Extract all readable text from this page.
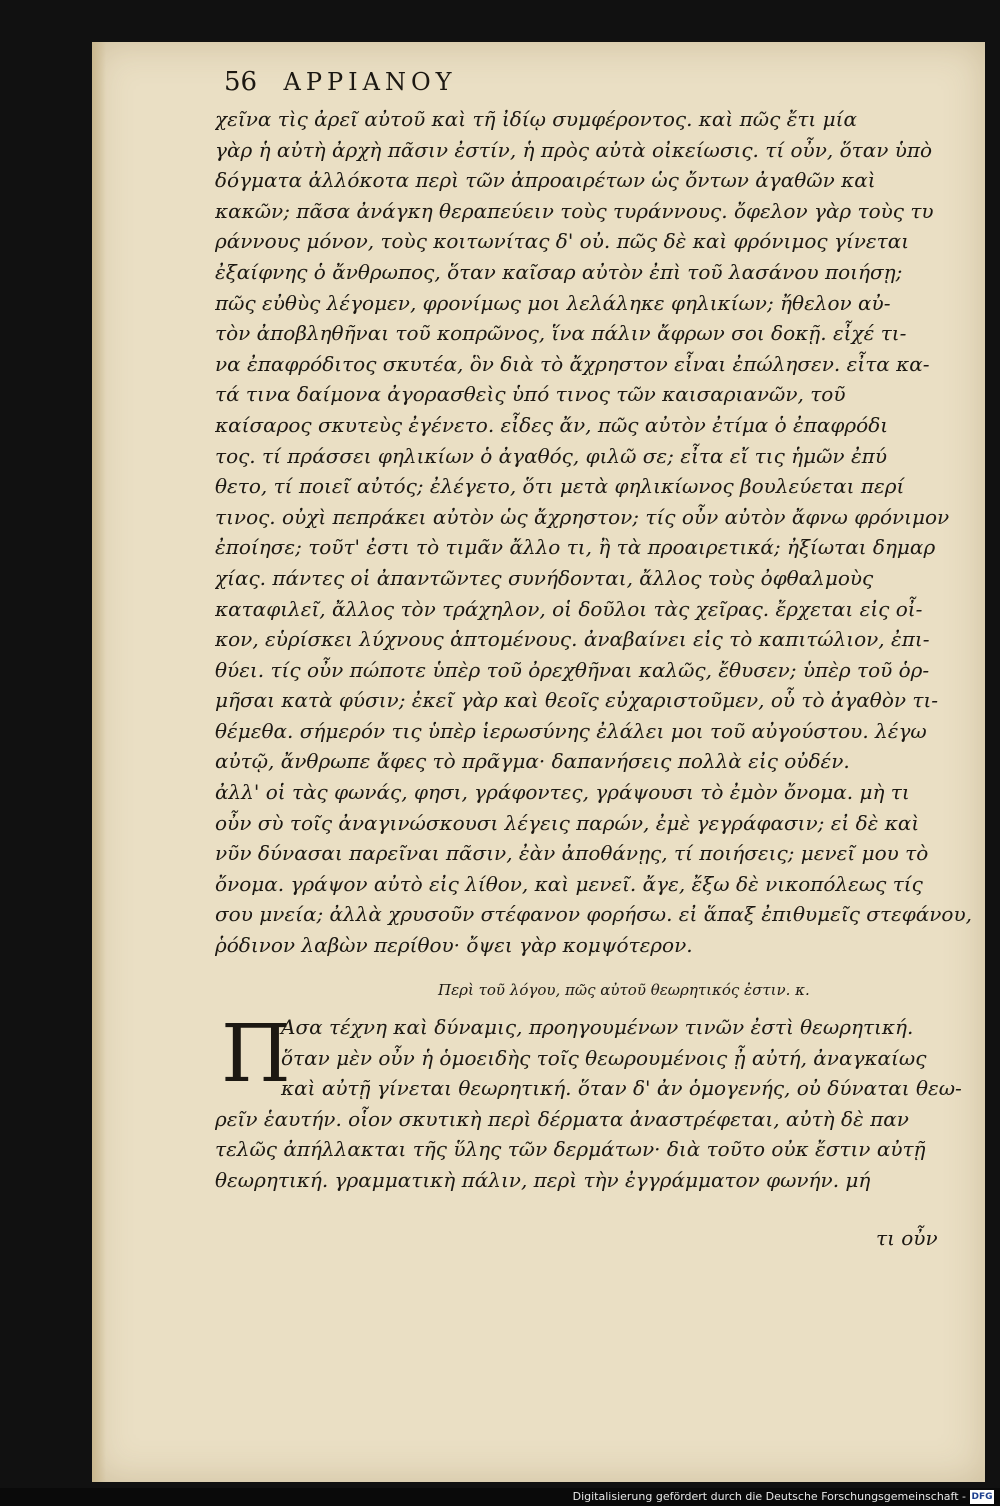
56	ΑΡΡΙΑΝΟΥ
χεῖνα τὶς ἀρεῖ αὐτοῦ καὶ τῆ ἰδίῳ συμφέροντος. καὶ πῶς ἔτι μία
γὰρ ἡ αὐτὴ ἀρχὴ πᾶσιν ἐστίν, ἡ πρὸς αὐτὰ οἰκείωσις. τί οὖν, ὅταν ὑπὸ
δόγματα ἀλλόκοτα περὶ τῶν ἀπροαιρέτων ὡς ὄντων ἀγαθῶν καὶ
κακῶν; πᾶσα ἀνάγκη θεραπεύειν τοὺς τυράννους. ὄφελον γὰρ τοὺς τυ
ράννους μόνον, τοὺς κοιτωνίτας δ' οὐ. πῶς δὲ καὶ φρόνιμος γίνεται
ἐξαίφνης ὁ ἄνθρωπος, ὅταν καῖσαρ αὐτὸν ἐπὶ τοῦ λασάνου ποιήσῃ;
πῶς εὐθὺς λέγομεν, φρονίμως μοι λελάληκε φηλικίων; ἤθελον αὐ-
τὸν ἀποβληθῆναι τοῦ κοπρῶνος, ἵνα πάλιν ἄφρων σοι δοκῇ. εἶχέ τι-
να ἐπαφρόδιτος σκυτέα, ὃν διὰ τὸ ἄχρηστον εἶναι ἐπώλησεν. εἶτα κα-
τά τινα δαίμονα ἀγορασθεὶς ὑπό τινος τῶν καισαριανῶν, τοῦ
καίσαρος σκυτεὺς ἐγένετο. εἶδες ἄν, πῶς αὐτὸν ἐτίμα ὁ ἐπαφρόδι
τος. τί πράσσει φηλικίων ὁ ἀγαθός, φιλῶ σε; εἶτα εἴ τις ἡμῶν ἐπύ
θετο, τί ποιεῖ αὐτός; ἐλέγετο, ὅτι μετὰ φηλικίωνος βουλεύεται περί
τινος. οὐχὶ πεπράκει αὐτὸν ὡς ἄχρηστον; τίς οὖν αὐτὸν ἄφνω φρόνιμον
ἐποίησε; τοῦτ' ἐστι τὸ τιμᾶν ἄλλο τι, ἢ τὰ προαιρετικά; ἠξίωται δημαρ
χίας. πάντες οἱ ἀπαντῶντες συνήδονται, ἄλλος τοὺς ὀφθαλμοὺς
καταφιλεῖ, ἄλλος τὸν τράχηλον, οἱ δοῦλοι τὰς χεῖρας. ἔρχεται εἰς οἶ-
κον, εὑρίσκει λύχνους ἁπτομένους. ἀναβαίνει εἰς τὸ καπιτώλιον, ἐπι-
θύει. τίς οὖν πώποτε ὑπὲρ τοῦ ὀρεχθῆναι καλῶς, ἔθυσεν; ὑπὲρ τοῦ ὁρ-
μῆσαι κατὰ φύσιν; ἐκεῖ γὰρ καὶ θεοῖς εὐχαριστοῦμεν, οὗ τὸ ἀγαθὸν τι-
θέμεθα. σήμερόν τις ὑπὲρ ἱερωσύνης ἐλάλει μοι τοῦ αὐγούστου. λέγω
αὐτῷ, ἄνθρωπε ἄφες τὸ πρᾶγμα· δαπανήσεις πολλὰ εἰς οὐδέν.
ἀλλ' οἱ τὰς φωνάς, φησι, γράφοντες, γράψουσι τὸ ἐμὸν ὄνομα. μὴ τι
οὖν σὺ τοῖς ἀναγινώσκουσι λέγεις παρών, ἐμὲ γεγράφασιν; εἰ δὲ καὶ
νῦν δύνασαι παρεῖναι πᾶσιν, ἐὰν ἀποθάνῃς, τί ποιήσεις; μενεῖ μου τὸ
ὄνομα. γράψον αὐτὸ εἰς λίθον, καὶ μενεῖ. ἄγε, ἔξω δὲ νικοπόλεως τίς
σου μνεία; ἀλλὰ χρυσοῦν στέφανον φορήσω. εἰ ἅπαξ ἐπιθυμεῖς στεφάνου,
ῥόδινον λαβὼν περίθου· ὄψει γὰρ κομψότερον.
Περὶ τοῦ λόγου, πῶς αὐτοῦ θεωρητικός ἐστιν. κ.
Π
Ασα τέχνη καὶ δύναμις, προηγουμένων τινῶν ἐστὶ θεωρητική.
ὅταν μὲν οὖν ἡ ὁμοειδὴς τοῖς θεωρουμένοις ᾖ αὐτή, ἀναγκαίως
καὶ αὐτῇ γίνεται θεωρητική. ὅταν δ' ἀν ὁμογενής, οὐ δύναται θεω-
ρεῖν ἑαυτήν. οἷον σκυτικὴ περὶ δέρματα ἀναστρέφεται, αὐτὴ δὲ παν
τελῶς ἀπήλλακται τῆς ὕλης τῶν δερμάτων· διὰ τοῦτο οὐκ ἔστιν αὐτῇ
θεωρητική. γραμματικὴ πάλιν, περὶ τὴν ἐγγράμματον φωνήν. μή
τι οὖν
Digitalisierung gefördert durch die Deutsche Forschungsgemeinschaft - DFG
